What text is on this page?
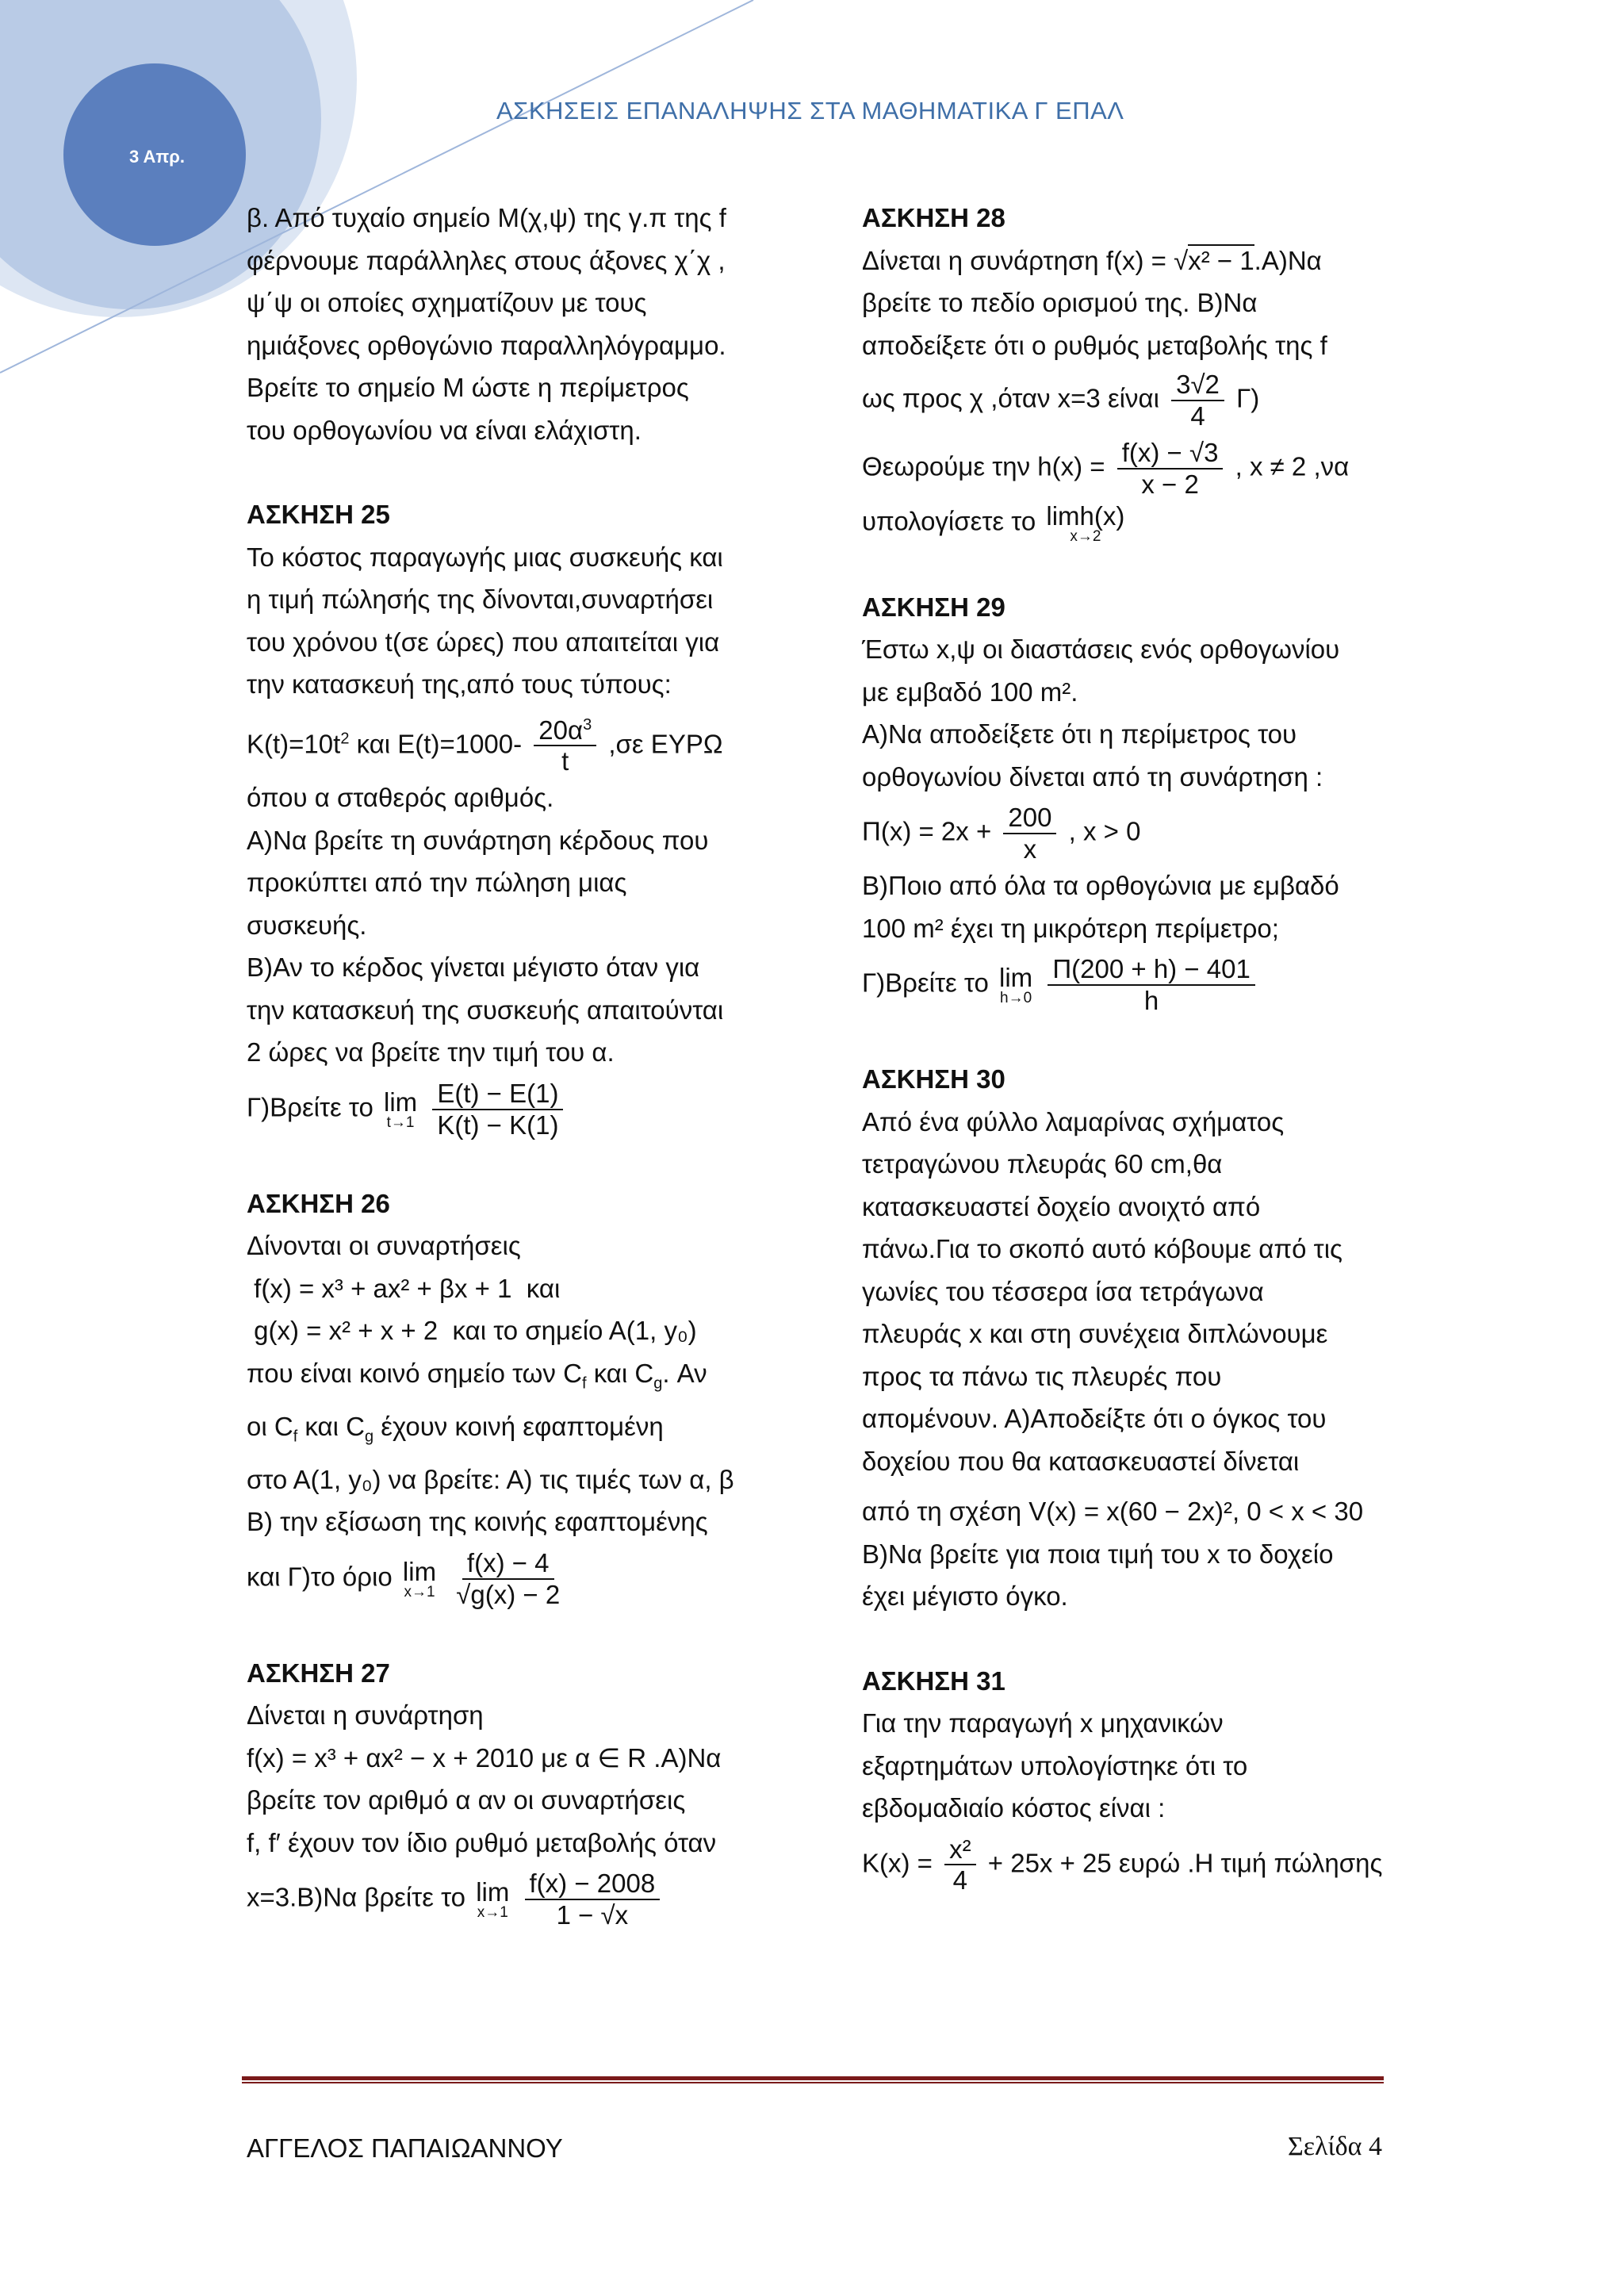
3 Απρ.
ΑΣΚΗΣΕΙΣ ΕΠΑΝΑΛΗΨΗΣ ΣΤΑ ΜΑΘΗΜΑΤΙΚΑ Γ ΕΠΑΛ

β. Από τυχαίο σημείο Μ(χ,ψ) της γ.π της f

φέρνουμε παράλληλες στους άξονες χ΄χ ,

ψ΄ψ οι οποίες σχηματίζουν με τους

ημιάξονες ορθογώνιο παραλληλόγραμμο.

Βρείτε το σημείο Μ ώστε η περίμετρος

του ορθογωνίου να είναι ελάχιστη.

ΑΣΚΗΣΗ 25

Το κόστος παραγωγής μιας συσκευής και

η τιμή πώλησής της δίνονται,συναρτήσει

του χρόνου t(σε ώρες) που απαιτείται για

την κατασκευή της,από τους τύπους:

$K(t)=10t^2$ και $E(t)=1000- \frac{20\alpha^3}{t} ,\sigma\varepsilon$ ΕΥΡΩ

όπου α σταθερός αριθμός.

Α)Να βρείτε τη συνάρτηση κέρδους που

προκύπτει από την πώληση μιας

συσκευής.

Β)Αν το κέρδος γίνεται μέγιστο όταν για

την κατασκευή της συσκευής απαιτούνται

2 ώρες να βρείτε την τιμή του α.

Γ)Βρείτε το lim
t→1
$\frac{E(t) - E(1)}{K(t) - K(1)}$

ΑΣΚΗΣΗ 26

Δίνονται οι συναρτήσεις

f(x) = x³ + ax² + βx + 1 και

g(x) = x² + x + 2 και το σημείο Α(1, y₀)

που είναι κοινό σημείο των $C_f$ και $C_g$. Αν

οι $C_f$ και $C_g$ έχουν κοινή εφαπτομένη

στο Α(1, y₀) να βρείτε: Α) τις τιμές των α, β

Β) την εξίσωση της κοινής εφαπτομένης

και Γ)το όριο lim
x→1
$\frac{f(x) - 4}{√g(x) - 2}$

ΑΣΚΗΣΗ 27

Δίνεται η συνάρτηση

f(x) = x³ + αx² − x + 2010 με α ∈ R .Α)Να

βρείτε τον αριθμό α αν οι συναρτήσεις

f, f′ έχουν τον ίδιο ρυθμό μεταβολής όταν

x=3.Β)Να βρείτε το lim
x→1
$\frac{f(x) - 2008}{1 - √x}$

ΑΣΚΗΣΗ 28

Δίνεται η συνάρτηση f(x) = √x² − 1.Α)Να

βρείτε το πεδίο ορισμού της. Β)Να

αποδείξετε ότι ο ρυθμός μεταβολής της f

ως προς χ ,όταν x=3 είναι $\frac{3√2}{4} \Gamma$)

Θεωρούμε την $h(x) = \frac{f(x) - √3}{x - 2}$ , x ≠ 2 ,να

υπολογίσετε το limh(x)
x→2

ΑΣΚΗΣΗ 29

Έστω x,ψ οι διαστάσεις ενός ορθογωνίου

με εμβαδό 100 m².

Α)Να αποδείξετε ότι η περίμετρος του

ορθογωνίου δίνεται από τη συνάρτηση :

$\Pi(x) = 2x + \frac{200}{x}$ , x > 0

Β)Ποιο από όλα τα ορθογώνια με εμβαδό

100 m² έχει τη μικρότερη περίμετρο;

Γ)Βρείτε το lim
h→0
$\frac{\Pi(200 + h) - 401}{h}$

ΑΣΚΗΣΗ 30

Από ένα φύλλο λαμαρίνας σχήματος

τετραγώνου πλευράς 60 cm,θα

κατασκευαστεί δοχείο ανοιχτό από

πάνω.Για το σκοπό αυτό κόβουμε από τις

γωνίες του τέσσερα ίσα τετράγωνα

πλευράς x και στη συνέχεια διπλώνουμε

προς τα πάνω τις πλευρές που

απομένουν. Α)Αποδείξτε ότι ο όγκος του

δοχείου που θα κατασκευαστεί δίνεται

από τη σχέση V(x) = x(60 − 2x)², 0 < x < 30

Β)Να βρείτε για ποια τιμή του x το δοχείο

έχει μέγιστο όγκο.

ΑΣΚΗΣΗ 31

Για την παραγωγή x μηχανικών

εξαρτημάτων υπολογίστηκε ότι το

εβδομαδιαίο κόστος είναι :

$K(x) = \frac{\text{x²}}{4} + 25x + 25$ ευρώ .Η τιμή πώλησης

ΑΓΓΕΛΟΣ ΠΑΠΑΙΩΑΝΝΟΥ	Σελίδα 4
